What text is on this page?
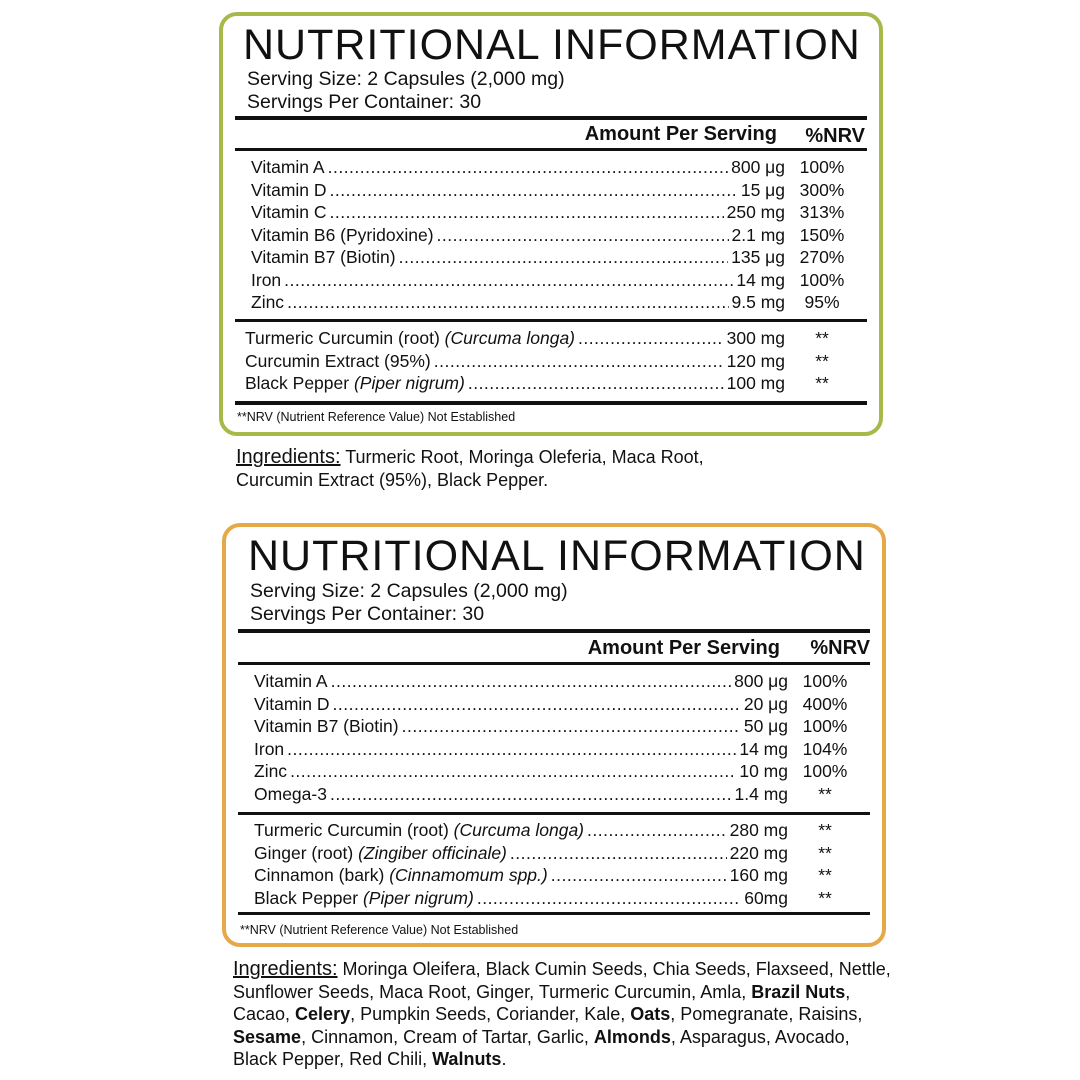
NUTRITIONAL INFORMATION
Serving Size: 2 Capsules (2,000 mg)
Servings Per Container: 30
Amount Per Serving %NRV
Vitamin A .....	800 μg 100%
Vitamin D .....	15 μg 300%
Vitamin C .....	250 mg 313%
Vitamin B6 (Pyridoxine) .....	2.1 mg 150%
Vitamin B7 (Biotin) .....	135 μg 270%
Iron .....	14 mg 100%
Zinc .....	9.5 mg	95%
Turmeric Curcumin (root) (Curcuma longa) .....	300 mg	**
Curcumin Extract (95%) .....	120 mg	**
Black Pepper (Piper nigrum) .....	100 mg	**
**NRV (Nutrient Reference Value) Not Established
Ingredients: Turmeric Root, Moringa Oleferia, Maca Root,
Curcumin Extract (95%), Black Pepper.
NUTRITIONAL INFORMATION
Serving Size: 2 Capsules (2,000 mg)
Servings Per Container: 30
Amount Per Serving %NRV
Vitamin A .....	800 μg 100%
Vitamin D .....	20 μg 400%
Vitamin B7 (Biotin) .....	50 μg 100%
Iron .....	14 mg 104%
Zinc .....	10 mg 100%
Omega-3 .....	1.4 mg	**
Turmeric Curcumin (root) (Curcuma longa) .....	280 mg	**
Ginger (root) (Zingiber officinale) .....	220 mg	**
Cinnamon (bark) (Cinnamomum spp.) .....	160 mg	**
Black Pepper (Piper nigrum) .....	60mg	**
**NRV (Nutrient Reference Value) Not Established
Ingredients: Moringa Oleifera, Black Cumin Seeds, Chia Seeds, Flaxseed, Nettle, Sunflower Seeds, Maca Root, Ginger, Turmeric Curcumin, Amla, Brazil Nuts, Cacao, Celery, Pumpkin Seeds, Coriander, Kale, Oats, Pomegranate, Raisins, Sesame, Cinnamon, Cream of Tartar, Garlic, Almonds, Asparagus, Avocado, Black Pepper, Red Chili, Walnuts.
